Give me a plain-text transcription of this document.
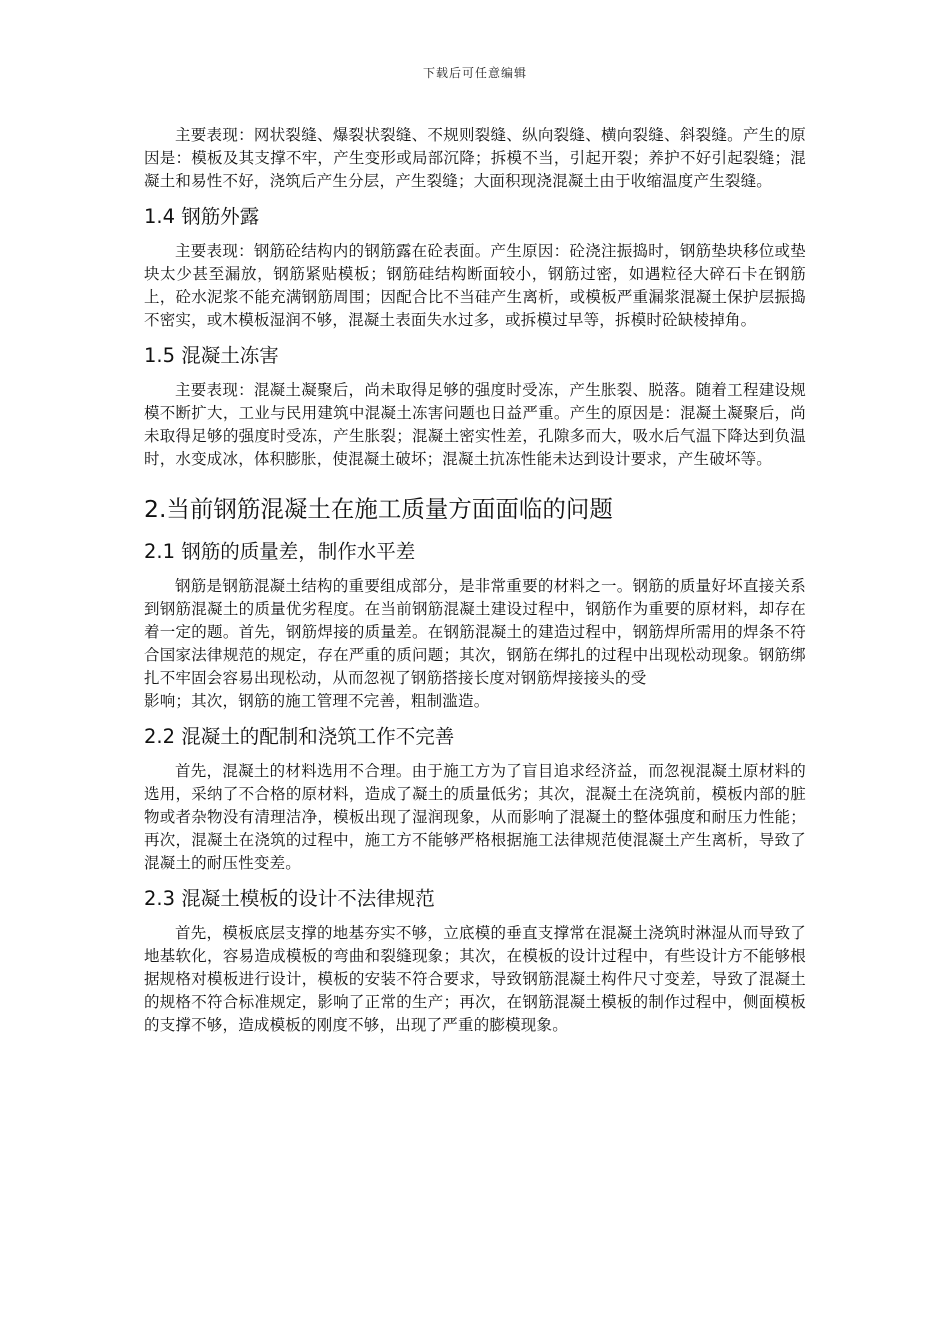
下载后可任意编辑

主要表现：网状裂缝、爆裂状裂缝、不规则裂缝、纵向裂缝、横向裂缝、斜裂缝。产生的原因是：模板及其支撑不牢，产生变形或局部沉降；拆模不当，引起开裂；养护不好引起裂缝；混凝土和易性不好，浇筑后产生分层，产生裂缝；大面积现浇混凝土由于收缩温度产生裂缝。

1.4 钢筋外露

主要表现：钢筋砼结构内的钢筋露在砼表面。产生原因：砼浇注振捣时，钢筋垫块移位或垫块太少甚至漏放，钢筋紧贴模板；钢筋硅结构断面较小，钢筋过密，如遇粒径大碎石卡在钢筋上，砼水泥浆不能充满钢筋周围；因配合比不当硅产生离析，或模板严重漏浆混凝土保护层振捣不密实，或木模板湿润不够，混凝土表面失水过多，或拆模过早等，拆模时砼缺棱掉角。

1.5 混凝土冻害

主要表现：混凝土凝聚后，尚未取得足够的强度时受冻，产生胀裂、脱落。随着工程建设规模不断扩大，工业与民用建筑中混凝土冻害问题也日益严重。产生的原因是：混凝土凝聚后，尚未取得足够的强度时受冻，产生胀裂；混凝土密实性差，孔隙多而大，吸水后气温下降达到负温时，水变成冰，体积膨胀，使混凝土破坏；混凝土抗冻性能未达到设计要求，产生破坏等。

2.当前钢筋混凝土在施工质量方面面临的问题
2.1 钢筋的质量差，制作水平差

钢筋是钢筋混凝土结构的重要组成部分，是非常重要的材料之一。钢筋的质量好坏直接关系到钢筋混凝土的质量优劣程度。在当前钢筋混凝土建设过程中，钢筋作为重要的原材料，却存在着一定的题。首先，钢筋焊接的质量差。在钢筋混凝土的建造过程中，钢筋焊所需用的焊条不符合国家法律规范的规定，存在严重的质问题；其次，钢筋在绑扎的过程中出现松动现象。钢筋绑扎不牢固会容易出现松动，从而忽视了钢筋搭接长度对钢筋焊接接头的受

影响；其次，钢筋的施工管理不完善，粗制滥造。

2.2 混凝土的配制和浇筑工作不完善

首先，混凝土的材料选用不合理。由于施工方为了盲目追求经济益，而忽视混凝土原材料的选用，采纳了不合格的原材料，造成了凝土的质量低劣；其次，混凝土在浇筑前，模板内部的脏物或者杂物没有清理洁净，模板出现了湿润现象，从而影响了混凝土的整体强度和耐压力性能；再次，混凝土在浇筑的过程中，施工方不能够严格根据施工法律规范使混凝土产生离析，导致了混凝土的耐压性变差。

2.3 混凝土模板的设计不法律规范

首先，模板底层支撑的地基夯实不够，立底模的垂直支撑常在混凝土浇筑时淋湿从而导致了地基软化，容易造成模板的弯曲和裂缝现象；其次，在模板的设计过程中，有些设计方不能够根据规格对模板进行设计，模板的安装不符合要求，导致钢筋混凝土构件尺寸变差，导致了混凝土的规格不符合标准规定，影响了正常的生产；再次，在钢筋混凝土模板的制作过程中，侧面模板的支撑不够，造成模板的刚度不够，出现了严重的膨模现象。
